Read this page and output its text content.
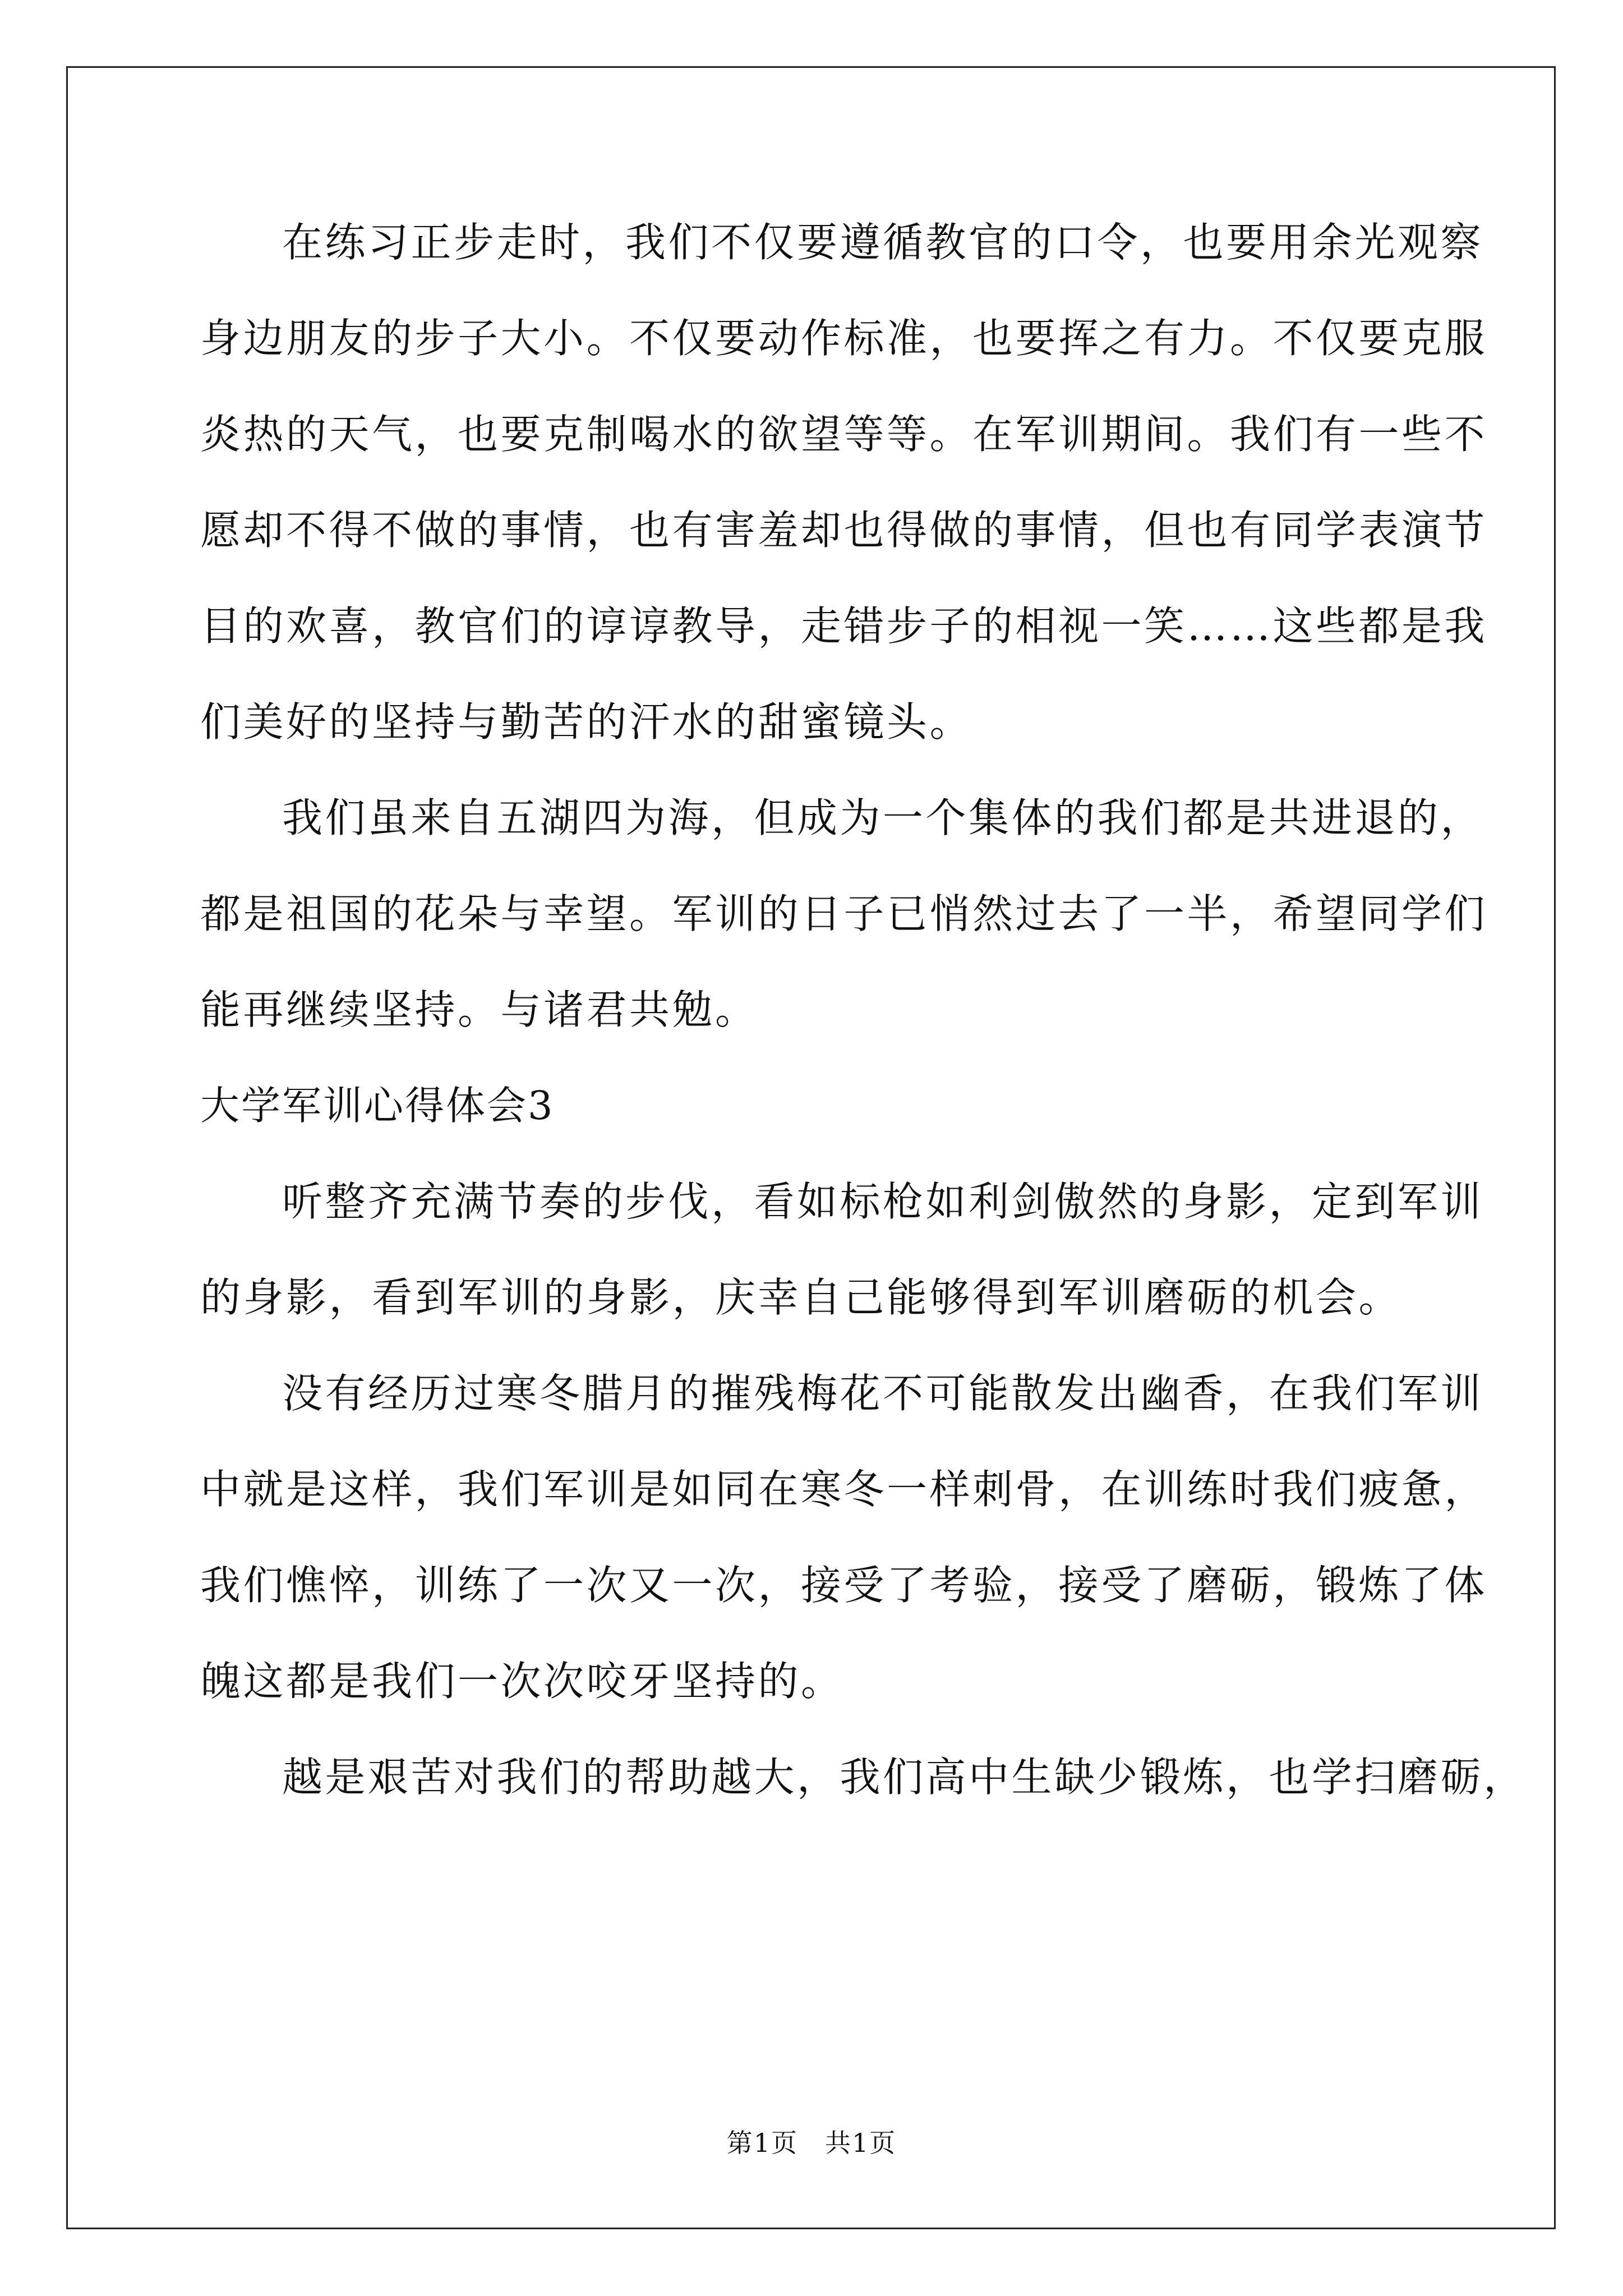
在练习正步走时，我们不仅要遵循教官的口令，也要用余光观察
身边朋友的步子大小。不仅要动作标准，也要挥之有力。不仅要克服
炎热的天气，也要克制喝水的欲望等等。在军训期间。我们有一些不
愿却不得不做的事情，也有害羞却也得做的事情，但也有同学表演节
目的欢喜，教官们的谆谆教导，走错步子的相视一笑……这些都是我
们美好的坚持与勤苦的汗水的甜蜜镜头。
我们虽来自五湖四为海，但成为一个集体的我们都是共进退的，
都是祖国的花朵与幸望。军训的日子已悄然过去了一半，希望同学们
能再继续坚持。与诸君共勉。
大学军训心得体会3
听整齐充满节奏的步伐，看如标枪如利剑傲然的身影，定到军训
的身影，看到军训的身影，庆幸自己能够得到军训磨砺的机会。
没有经历过寒冬腊月的摧残梅花不可能散发出幽香，在我们军训
中就是这样，我们军训是如同在寒冬一样刺骨，在训练时我们疲惫，
我们憔悴，训练了一次又一次，接受了考验，接受了磨砺，锻炼了体
魄这都是我们一次次咬牙坚持的。
越是艰苦对我们的帮助越大，我们高中生缺少锻炼，也学扫磨砺，
第1页 共1页
